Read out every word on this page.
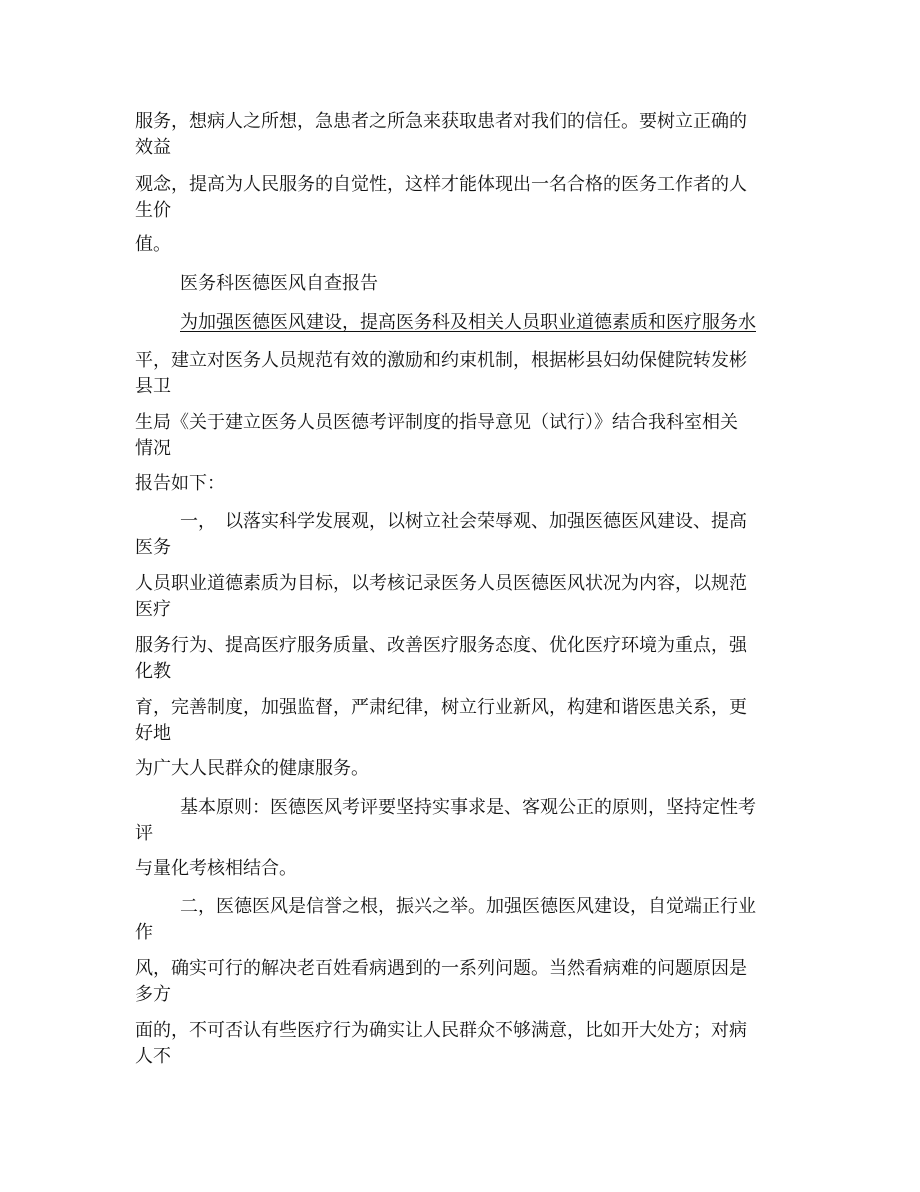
服务，想病人之所想，急患者之所急来获取患者对我们的信任。要树立正确的
效益
观念，提高为人民服务的自觉性，这样才能体现出一名合格的医务工作者的人
生价
值。
医务科医德医风自查报告
为加强医德医风建设，提高医务科及相关人员职业道德素质和医疗服务水
平，建立对医务人员规范有效的激励和约束机制，根据彬县妇幼保健院转发彬
县卫
生局《关于建立医务人员医德考评制度的指导意见（试行）》结合我科室相关
情况
报告如下：
一，　以落实科学发展观，以树立社会荣辱观、加强医德医风建设、提高
医务
人员职业道德素质为目标，以考核记录医务人员医德医风状况为内容，以规范
医疗
服务行为、提高医疗服务质量、改善医疗服务态度、优化医疗环境为重点，强
化教
育，完善制度，加强监督，严肃纪律，树立行业新风，构建和谐医患关系，更
好地
为广大人民群众的健康服务。
基本原则：医德医风考评要坚持实事求是、客观公正的原则，坚持定性考
评
与量化考核相结合。
二，医德医风是信誉之根，振兴之举。加强医德医风建设，自觉端正行业
作
风，确实可行的解决老百姓看病遇到的一系列问题。当然看病难的问题原因是
多方
面的，不可否认有些医疗行为确实让人民群众不够满意，比如开大处方；对病
人不
